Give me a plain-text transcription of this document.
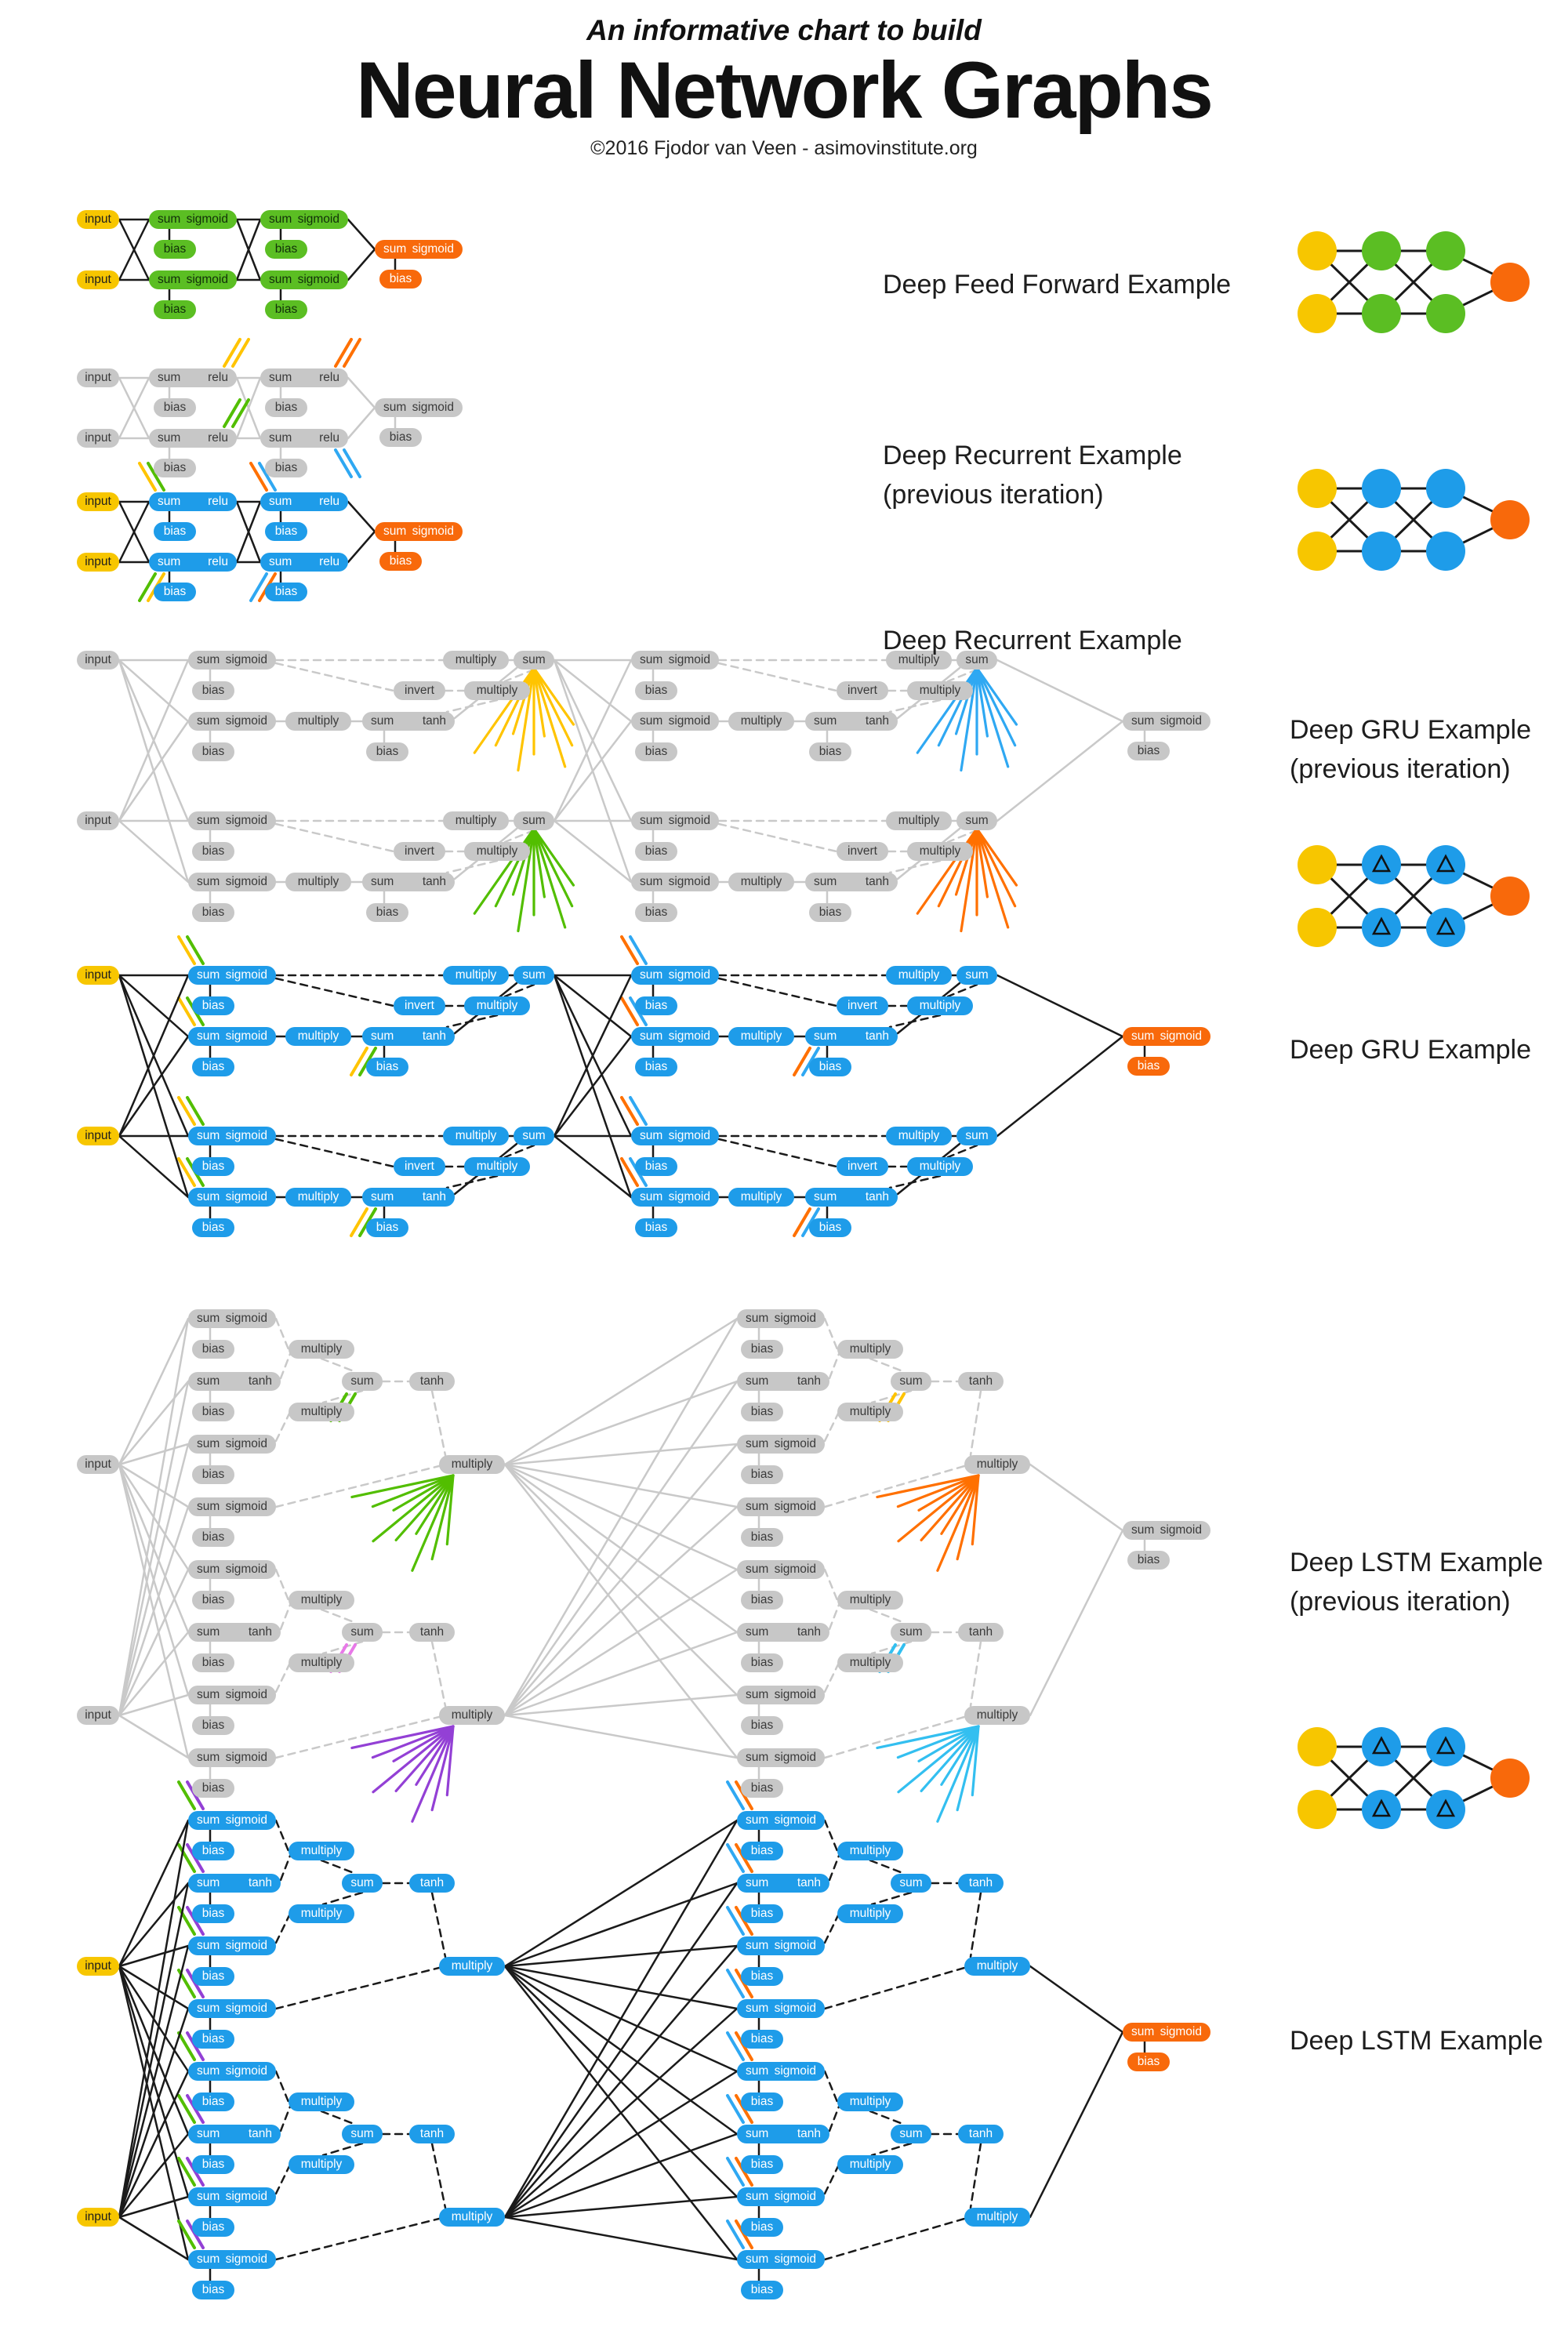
An informative chart to build
Neural Network Graphs
©2016 Fjodor van Veen - asimovinstitute.org
Deep Feed Forward Example
input	sum sigmoid
bias
sum sigmoid
bias
input	sum sigmoid
bias
sum sigmoid
bias
sum sigmoid
bias
Deep Recurrent Example
(previous iteration)
input	sum relu
bias
sum relu
bias
input	sum relu
bias
sum relu
bias
sum sigmoid
bias
Deep Recurrent Example
input	sum relu
bias
sum relu
bias
input	sum relu
bias
sum relu
bias
sum sigmoid
bias
Deep GRU Example
(previous iteration)
input	sum sigmoid	multiply sum
bias	invert	multiply
sum sigmoid multiply	sum tanh
bias	bias
sum sigmoid	multiply sum
bias	invert	multiply
sum sigmoid multiply	sum tanh
bias	bias
input	sum sigmoid	multiply sum
bias	invert	multiply
sum sigmoid multiply	sum tanh
bias	bias
sum sigmoid	multiply sum
bias	invert	multiply
sum sigmoid multiply	sum tanh
bias	bias
sum sigmoid
bias
Deep GRU Example
input	sum sigmoid	multiply sum
bias	invert	multiply
sum sigmoid multiply	sum tanh
bias	bias
sum sigmoid	multiply sum
bias	invert	multiply
sum sigmoid multiply	sum tanh
bias	bias
input	sum sigmoid	multiply sum
bias	invert	multiply
sum sigmoid multiply	sum tanh
bias	bias
sum sigmoid	multiply sum
bias	invert	multiply
sum sigmoid multiply	sum tanh
bias	bias
sum sigmoid
bias
Deep LSTM Example
(previous iteration)
input
sum sigmoid
bias
sum tanh
bias
sum sigmoid
bias
sum sigmoid
bias
multiply
sum	tanh
multiply
multiply
sum sigmoid
bias
sum tanh
bias
sum sigmoid
bias
sum sigmoid
bias
multiply
sum	tanh
multiply
multiply
input
sum sigmoid
bias
sum tanh
bias
sum sigmoid
bias
sum sigmoid
bias
multiply
sum	tanh
multiply
multiply
sum sigmoid
bias
sum tanh
bias
sum sigmoid
bias
sum sigmoid
bias
multiply
sum	tanh
multiply
multiply
sum sigmoid
bias
Deep LSTM Example
input
sum sigmoid
bias
sum tanh
bias
sum sigmoid
bias
sum sigmoid
bias
multiply
sum	tanh
multiply
multiply
sum sigmoid
bias
sum tanh
bias
sum sigmoid
bias
sum sigmoid
bias
multiply
sum	tanh
multiply
multiply
input
sum sigmoid
bias
sum tanh
bias
sum sigmoid
bias
sum sigmoid
bias
multiply
sum	tanh
multiply
multiply
sum sigmoid
bias
sum tanh
bias
sum sigmoid
bias
sum sigmoid
bias
multiply
sum	tanh
multiply
multiply
sum sigmoid
bias
